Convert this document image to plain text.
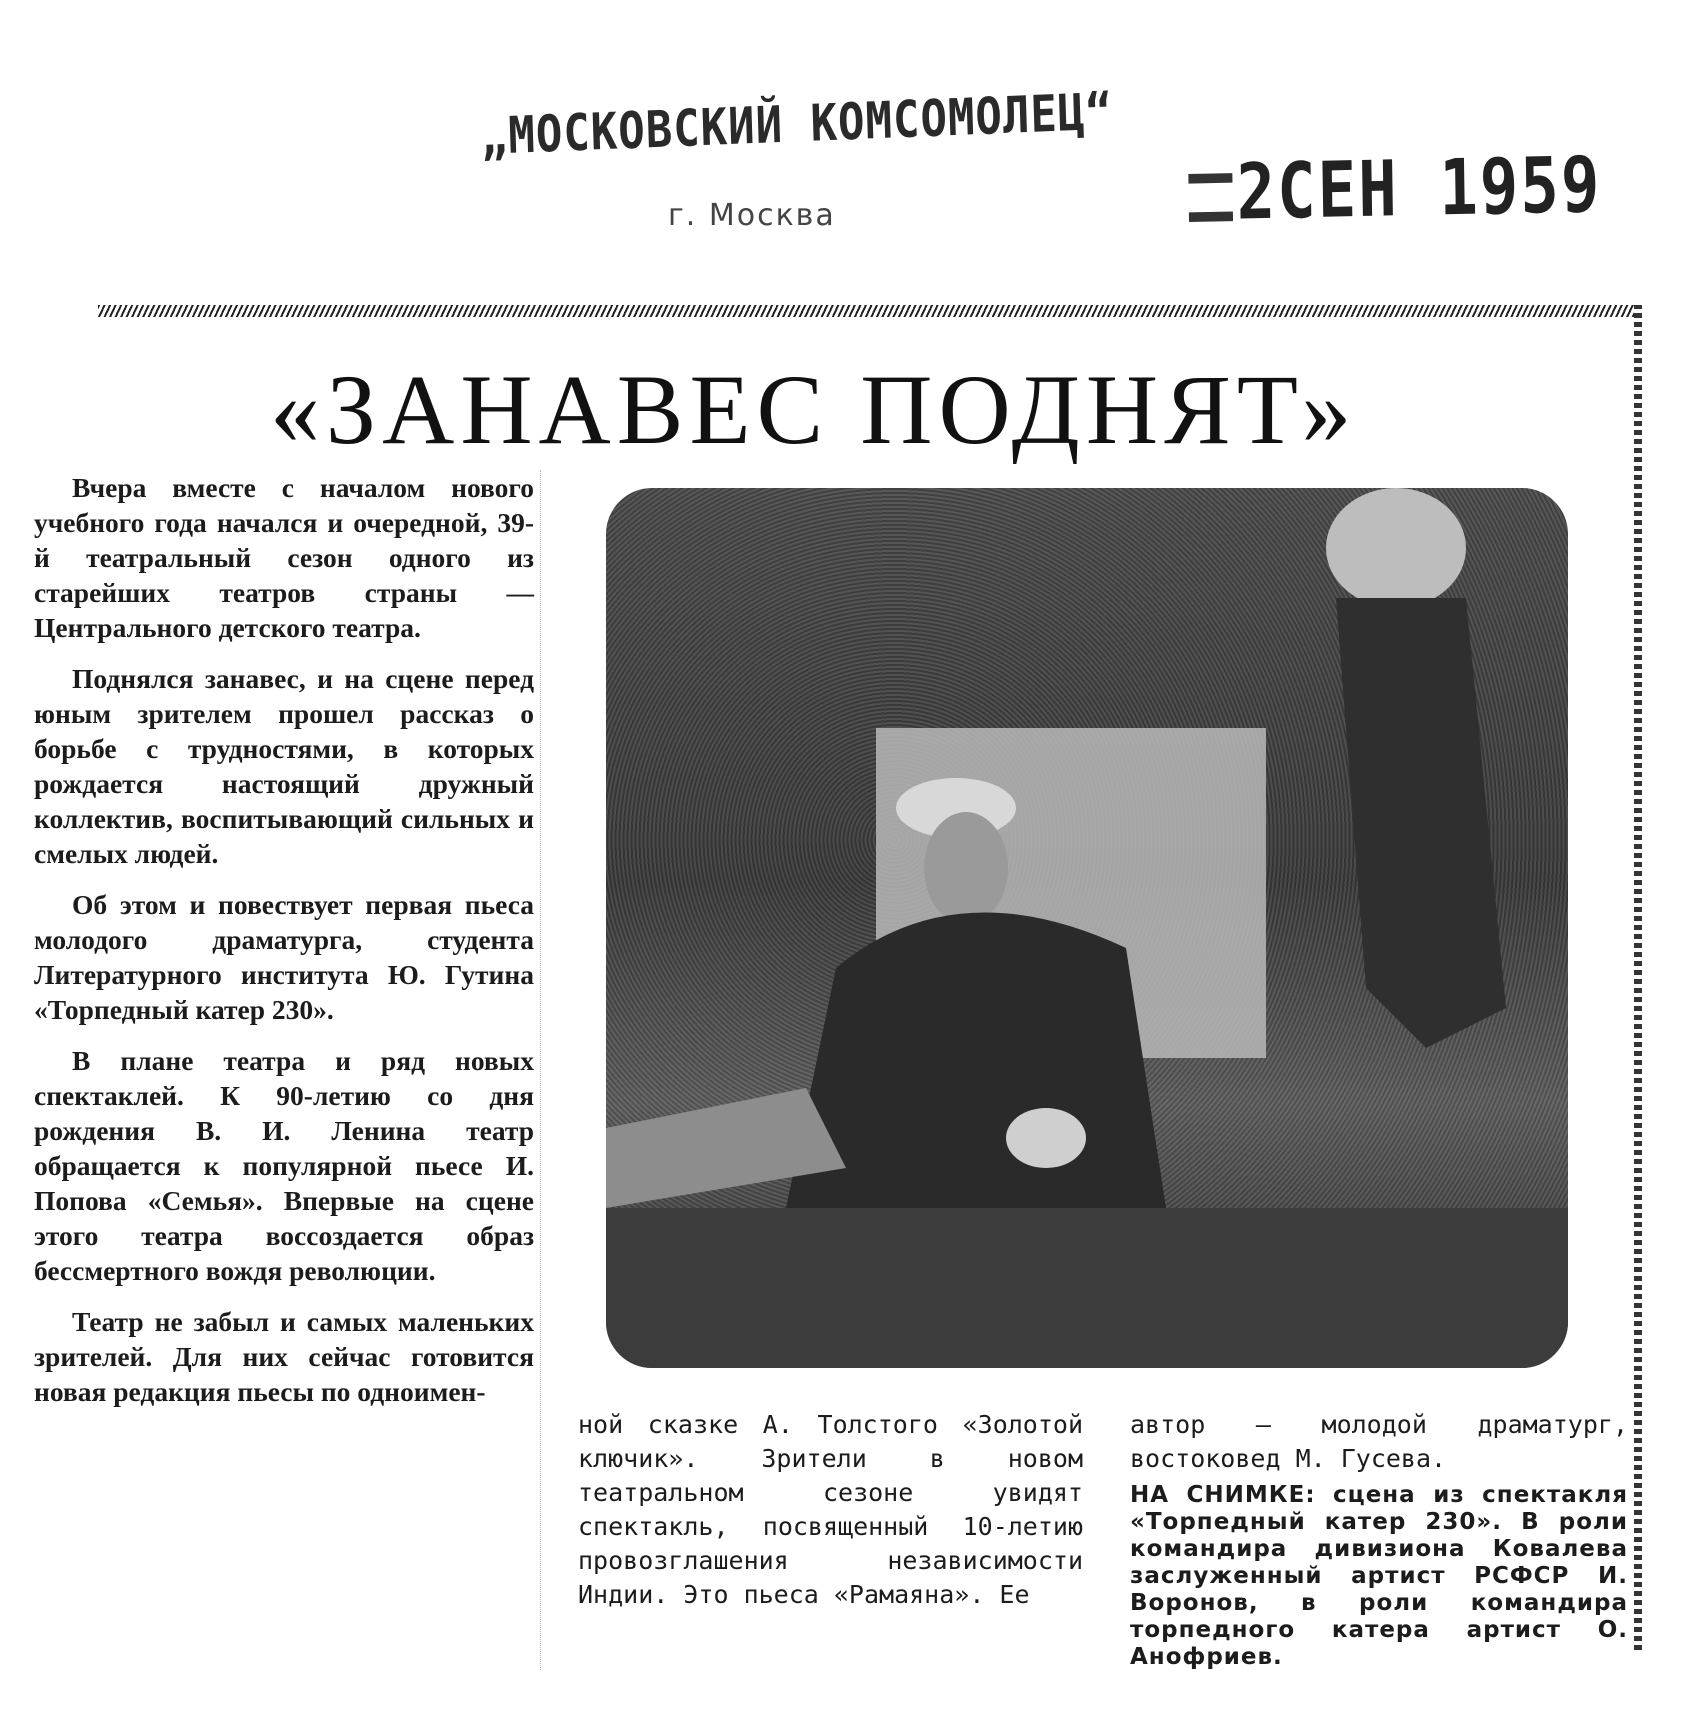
„МОСКОВСКИЙ КОМСОМОЛЕЦ“
г. Москва	2СЕН 1959
«ЗАНАВЕС ПОДНЯТ»

Вчера вместе с началом нового учебного года начался и очередной, 39-й театральный сезон одного из старейших театров страны — Центрального детского театра.

Поднялся занавес, и на сцене перед юным зрителем прошел рассказ о борьбе с трудностями, в которых рождается настоящий дружный коллектив, воспитывающий сильных и смелых людей.

Об этом и повествует первая пьеса молодого драматурга, студента Литературного института Ю. Гутина «Торпедный катер 230».

В плане театра и ряд новых спектаклей. К 90-летию со дня рождения В. И. Ленина театр обращается к популярной пьесе И. Попова «Семья». Впервые на сцене этого театра воссоздается образ бессмертного вождя революции.

Театр не забыл и самых маленьких зрителей. Для них сейчас готовится новая редакция пьесы по одноимен-

ной сказке А. Толстого «Золотой ключик». Зрители в новом театральном сезоне увидят спектакль, посвященный 10-летию провозглашения независимости Индии. Это пьеса «Рамаяна». Ее

автор — молодой драматург, востоковед М. Гусева.

НА СНИМКЕ: сцена из спектакля «Торпедный катер 230». В роли командира дивизиона Ковалева заслуженный артист РСФСР И. Воронов, в роли командира торпедного катера артист О. Анофриев.
